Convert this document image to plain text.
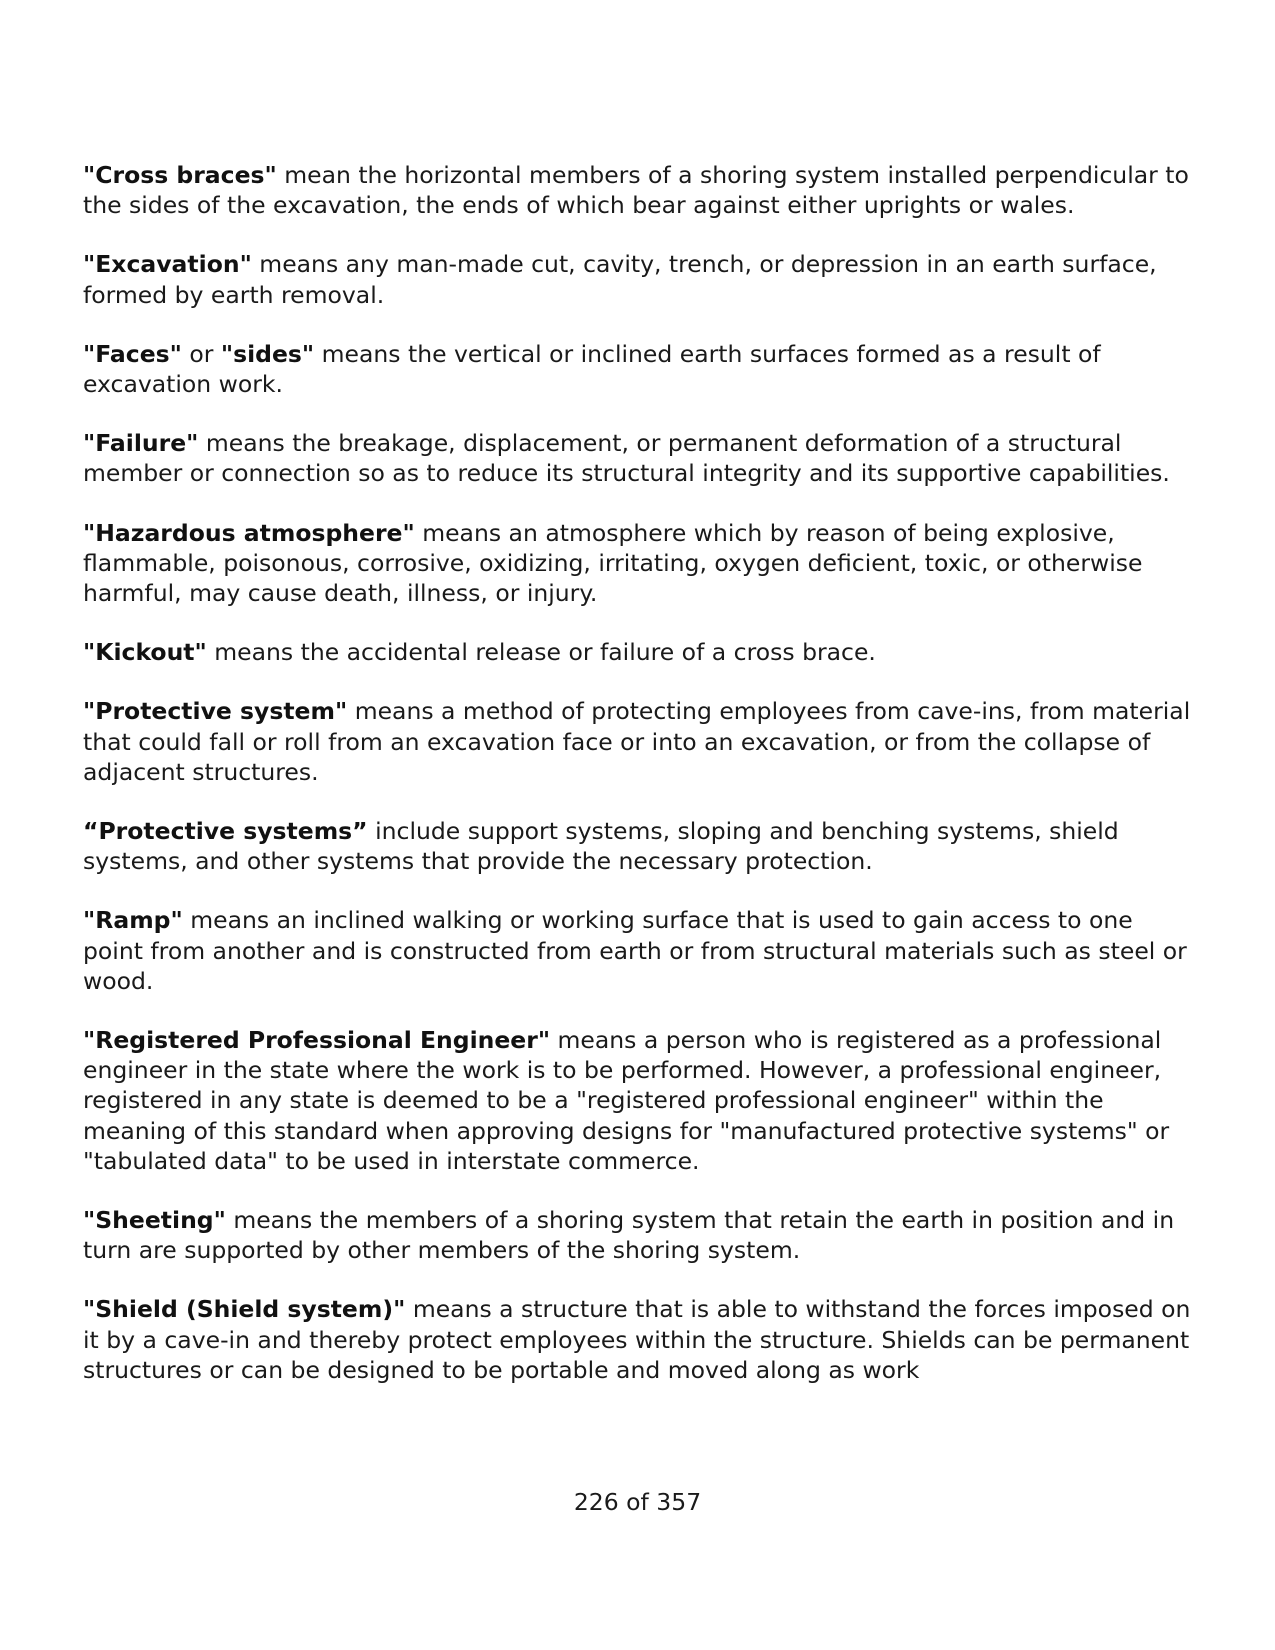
"Cross braces" mean the horizontal members of a shoring system installed perpendicular to the sides of the excavation, the ends of which bear against either uprights or wales.

"Excavation" means any man-made cut, cavity, trench, or depression in an earth surface, formed by earth removal.

"Faces" or "sides" means the vertical or inclined earth surfaces formed as a result of excavation work.

"Failure" means the breakage, displacement, or permanent deformation of a structural member or connection so as to reduce its structural integrity and its supportive capabilities.

"Hazardous atmosphere" means an atmosphere which by reason of being explosive, flammable, poisonous, corrosive, oxidizing, irritating, oxygen deficient, toxic, or otherwise harmful, may cause death, illness, or injury.

"Kickout" means the accidental release or failure of a cross brace.

"Protective system" means a method of protecting employees from cave-ins, from material that could fall or roll from an excavation face or into an excavation, or from the collapse of adjacent structures.

“Protective systems” include support systems, sloping and benching systems, shield systems, and other systems that provide the necessary protection.

"Ramp" means an inclined walking or working surface that is used to gain access to one point from another and is constructed from earth or from structural materials such as steel or wood.

"Registered Professional Engineer" means a person who is registered as a professional engineer in the state where the work is to be performed. However, a professional engineer, registered in any state is deemed to be a "registered professional engineer" within the meaning of this standard when approving designs for "manufactured protective systems" or "tabulated data" to be used in interstate commerce.

"Sheeting" means the members of a shoring system that retain the earth in position and in turn are supported by other members of the shoring system.

"Shield (Shield system)" means a structure that is able to withstand the forces imposed on it by a cave-in and thereby protect employees within the structure. Shields can be permanent structures or can be designed to be portable and moved along as work

226 of 357
